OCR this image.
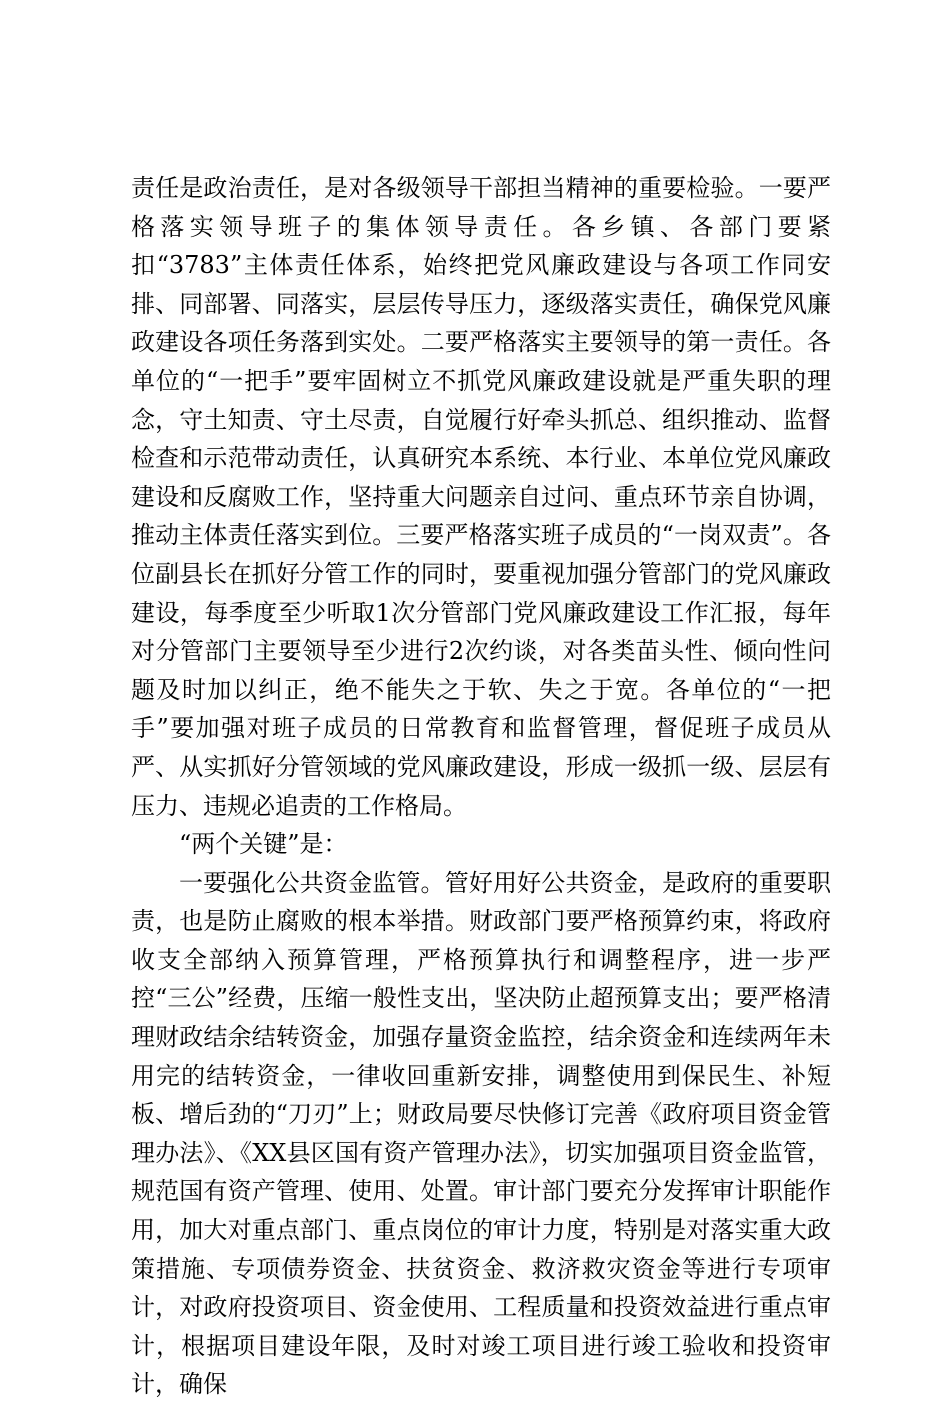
责任是政治责任，是对各级领导干部担当精神的重要检验。一要严格落实领导班子的集体领导责任。各乡镇、各部门要紧扣“3783”主体责任体系，始终把党风廉政建设与各项工作同安排、同部署、同落实，层层传导压力，逐级落实责任，确保党风廉政建设各项任务落到实处。二要严格落实主要领导的第一责任。各单位的“一把手”要牢固树立不抓党风廉政建设就是严重失职的理念，守土知责、守土尽责，自觉履行好牵头抓总、组织推动、监督检查和示范带动责任，认真研究本系统、本行业、本单位党风廉政建设和反腐败工作，坚持重大问题亲自过问、重点环节亲自协调，推动主体责任落实到位。三要严格落实班子成员的“一岗双责”。各位副县长在抓好分管工作的同时，要重视加强分管部门的党风廉政建设，每季度至少听取1次分管部门党风廉政建设工作汇报，每年对分管部门主要领导至少进行2次约谈，对各类苗头性、倾向性问题及时加以纠正，绝不能失之于软、失之于宽。各单位的“一把手”要加强对班子成员的日常教育和监督管理，督促班子成员从严、从实抓好分管领域的党风廉政建设，形成一级抓一级、层层有压力、违规必追责的工作格局。

“两个关键”是：

一要强化公共资金监管。管好用好公共资金，是政府的重要职责，也是防止腐败的根本举措。财政部门要严格预算约束，将政府收支全部纳入预算管理，严格预算执行和调整程序，进一步严控“三公”经费，压缩一般性支出，坚决防止超预算支出；要严格清理财政结余结转资金，加强存量资金监控，结余资金和连续两年未用完的结转资金，一律收回重新安排，调整使用到保民生、补短板、增后劲的“刀刃”上；财政局要尽快修订完善《政府项目资金管理办法》、《XX县区国有资产管理办法》，切实加强项目资金监管，规范国有资产管理、使用、处置。审计部门要充分发挥审计职能作用，加大对重点部门、重点岗位的审计力度，特别是对落实重大政策措施、专项债券资金、扶贫资金、救济救灾资金等进行专项审计，对政府投资项目、资金使用、工程质量和投资效益进行重点审计，根据项目建设年限，及时对竣工项目进行竣工验收和投资审计，确保
